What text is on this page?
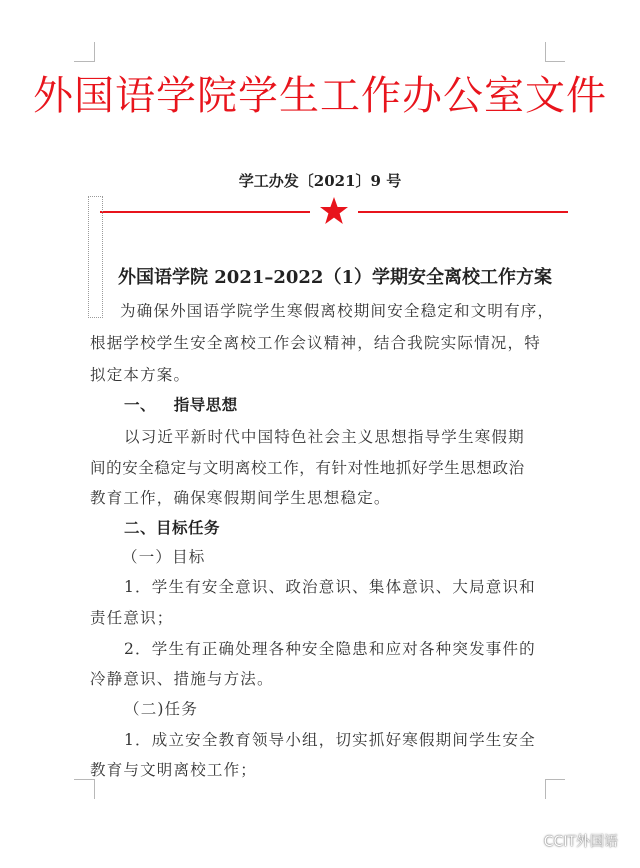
外国语学院学生工作办公室文件
学工办发〔2021〕9 号
外国语学院 2021–2022（1）学期安全离校工作方案
为确保外国语学院学生寒假离校期间安全稳定和文明有序，
根据学校学生安全离校工作会议精神，结合我院实际情况，特
拟定本方案。
一、   指导思想
以习近平新时代中国特色社会主义思想指导学生寒假期
间的安全稳定与文明离校工作，有针对性地抓好学生思想政治
教育工作，确保寒假期间学生思想稳定。
二、目标任务
（一）目标
1．学生有安全意识、政治意识、集体意识、大局意识和
责任意识；
2．学生有正确处理各种安全隐患和应对各种突发事件的
冷静意识、措施与方法。
（二)任务
1．成立安全教育领导小组，切实抓好寒假期间学生安全
教育与文明离校工作；
CCIT外国语
